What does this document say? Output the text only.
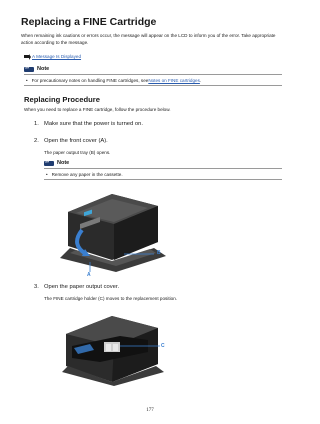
Replacing a FINE Cartridge
When remaining ink cautions or errors occur, the message will appear on the LCD to inform you of the error. Take appropriate action according to the message.
A Message Is Displayed
›››
Note
• For precautionary notes on handling FINE cartridges, see Notes on FINE cartridges .
Replacing Procedure
When you need to replace a FINE cartridge, follow the procedure below.
1. Make sure that the power is turned on.
2. Open the front cover (A).
The paper output tray (B) opens.
›››
Note
• Remove any paper in the cassette.
A
B
3. Open the paper output cover.
The FINE cartridge holder (C) moves to the replacement position.
C
177
